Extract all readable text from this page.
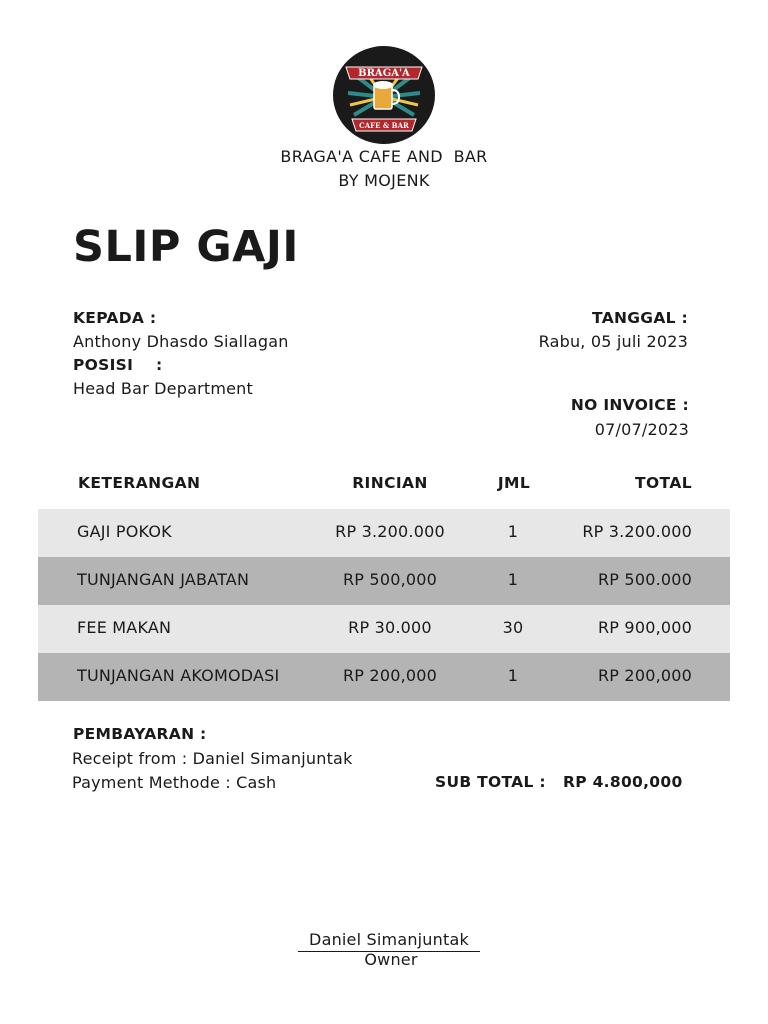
BRAGA'A
CAFE & BAR
BRAGA'A CAFE AND  BAR
BY MOJENK
SLIP GAJI
KEPADA :
Anthony Dhasdo Siallagan
POSISI    :
Head Bar Department
TANGGAL :
Rabu, 05 juli 2023
NO INVOICE :
07/07/2023
KETERANGAN	RINCIAN	JML	TOTAL
GAJI POKOK	RP 3.200.000	1	RP 3.200.000
TUNJANGAN JABATAN	RP 500,000	1	RP 500.000
FEE MAKAN	RP 30.000	30	RP 900,000
TUNJANGAN AKOMODASI	RP 200,000	1	RP 200,000
PEMBAYARAN :
Receipt from : Daniel Simanjuntak
Payment Methode : Cash	SUB TOTAL : RP 4.800,000
Daniel Simanjuntak
Owner
